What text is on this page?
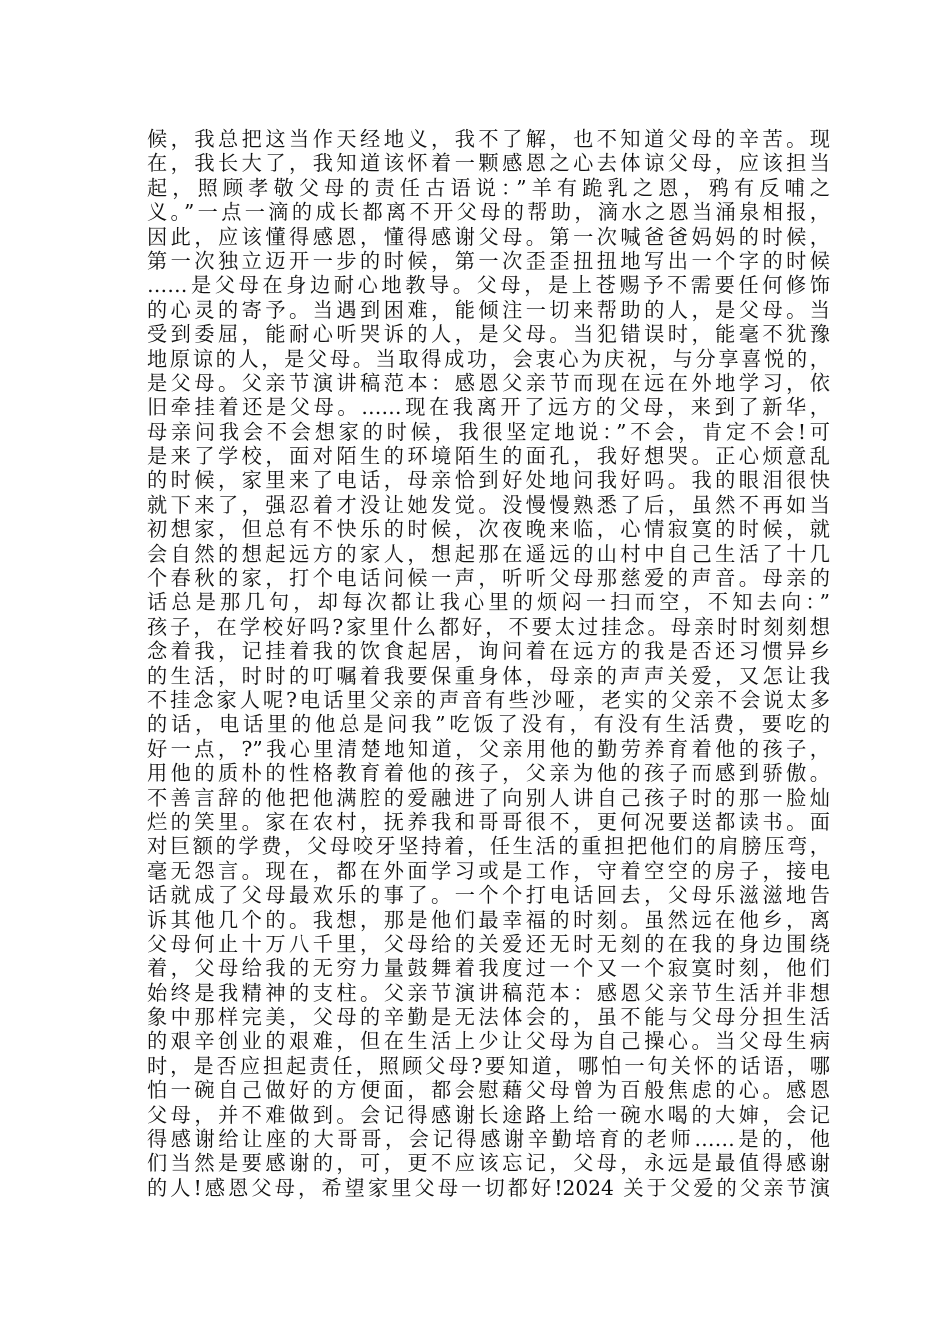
候，我总把这当作天经地义，我不了解，也不知道父母的辛苦。现
在，我长大了，我知道该怀着一颗感恩之心去体谅父母，应该担当
起，照顾孝敬父母的责任古语说：”羊有跪乳之恩，鸦有反哺之
义。”一点一滴的成长都离不开父母的帮助，滴水之恩当涌泉相报，
因此，应该懂得感恩，懂得感谢父母。第一次喊爸爸妈妈的时候，
第一次独立迈开一步的时候，第一次歪歪扭扭地写出一个字的时候
……是父母在身边耐心地教导。父母，是上苍赐予不需要任何修饰
的心灵的寄予。当遇到困难，能倾注一切来帮助的人，是父母。当
受到委屈，能耐心听哭诉的人，是父母。当犯错误时，能毫不犹豫
地原谅的人，是父母。当取得成功，会衷心为庆祝，与分享喜悦的，
是父母。父亲节演讲稿范本：感恩父亲节而现在远在外地学习，依
旧牵挂着还是父母。……现在我离开了远方的父母，来到了新华，
母亲问我会不会想家的时候，我很坚定地说：”不会，肯定不会!可
是来了学校，面对陌生的环境陌生的面孔，我好想哭。正心烦意乱
的时候，家里来了电话，母亲恰到好处地问我好吗。我的眼泪很快
就下来了，强忍着才没让她发觉。没慢慢熟悉了后，虽然不再如当
初想家，但总有不快乐的时候，次夜晚来临，心情寂寞的时候，就
会自然的想起远方的家人，想起那在遥远的山村中自己生活了十几
个春秋的家，打个电话问候一声，听听父母那慈爱的声音。母亲的
话总是那几句，却每次都让我心里的烦闷一扫而空，不知去向：”
孩子，在学校好吗?家里什么都好，不要太过挂念。母亲时时刻刻想
念着我，记挂着我的饮食起居，询问着在远方的我是否还习惯异乡
的生活，时时的叮嘱着我要保重身体，母亲的声声关爱，又怎让我
不挂念家人呢?电话里父亲的声音有些沙哑，老实的父亲不会说太多
的话，电话里的他总是问我”吃饭了没有，有没有生活费，要吃的
好一点，?”我心里清楚地知道，父亲用他的勤劳养育着他的孩子，
用他的质朴的性格教育着他的孩子，父亲为他的孩子而感到骄傲。
不善言辞的他把他满腔的爱融进了向别人讲自己孩子时的那一脸灿
烂的笑里。家在农村，抚养我和哥哥很不，更何况要送都读书。面
对巨额的学费，父母咬牙坚持着，任生活的重担把他们的肩膀压弯，
毫无怨言。现在，都在外面学习或是工作，守着空空的房子，接电
话就成了父母最欢乐的事了。一个个打电话回去，父母乐滋滋地告
诉其他几个的。我想，那是他们最幸福的时刻。虽然远在他乡，离
父母何止十万八千里，父母给的关爱还无时无刻的在我的身边围绕
着，父母给我的无穷力量鼓舞着我度过一个又一个寂寞时刻，他们
始终是我精神的支柱。父亲节演讲稿范本：感恩父亲节生活并非想
象中那样完美，父母的辛勤是无法体会的，虽不能与父母分担生活
的艰辛创业的艰难，但在生活上少让父母为自己操心。当父母生病
时，是否应担起责任，照顾父母?要知道，哪怕一句关怀的话语，哪
怕一碗自己做好的方便面，都会慰藉父母曾为百般焦虑的心。感恩
父母，并不难做到。会记得感谢长途路上给一碗水喝的大婶，会记
得感谢给让座的大哥哥，会记得感谢辛勤培育的老师……是的，他
们当然是要感谢的，可，更不应该忘记，父母，永远是最值得感谢
的人!感恩父母，希望家里父母一切都好!2024 关于父爱的父亲节演
